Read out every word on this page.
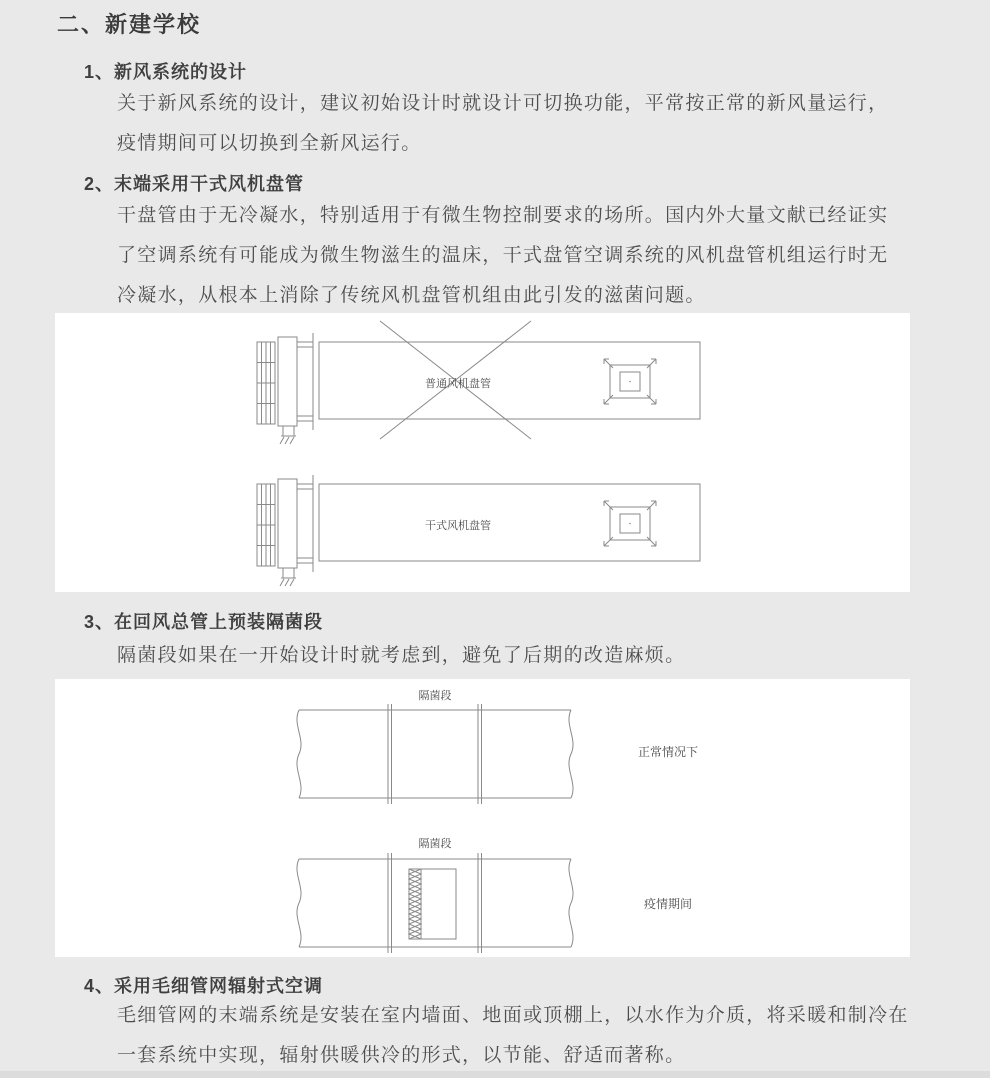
二、新建学校
1、新风系统的设计
关于新风系统的设计，建议初始设计时就设计可切换功能，平常按正常的新风量运行，
疫情期间可以切换到全新风运行。
2、末端采用干式风机盘管
干盘管由于无冷凝水，特别适用于有微生物控制要求的场所。国内外大量文献已经证实
了空调系统有可能成为微生物滋生的温床，干式盘管空调系统的风机盘管机组运行时无
冷凝水，从根本上消除了传统风机盘管机组由此引发的滋菌问题。
普通风机盘管
干式风机盘管
3、在回风总管上预装隔菌段
隔菌段如果在一开始设计时就考虑到，避免了后期的改造麻烦。
隔菌段
正常情况下
隔菌段
疫情期间
4、采用毛细管网辐射式空调
毛细管网的末端系统是安装在室内墙面、地面或顶棚上，以水作为介质，将采暖和制冷在
一套系统中实现，辐射供暖供冷的形式，以节能、舒适而著称。
